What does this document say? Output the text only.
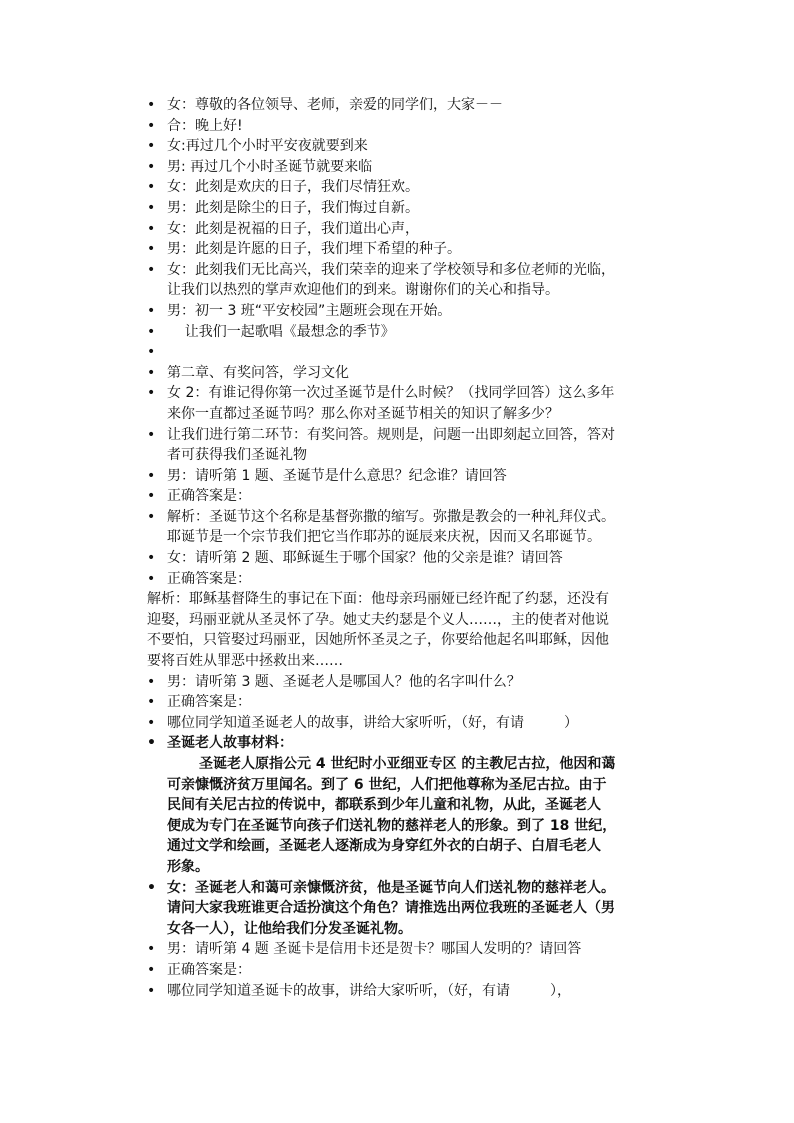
• 女：尊敬的各位领导、老师，亲爱的同学们，大家－－
• 合：晚上好!
• 女:再过几个小时平安夜就要到来
• 男: 再过几个小时圣诞节就要来临
• 女：此刻是欢庆的日子，我们尽情狂欢。
• 男：此刻是除尘的日子，我们悔过自新。
• 女：此刻是祝福的日子，我们道出心声，
• 男：此刻是许愿的日子，我们埋下希望的种子。
• 女：此刻我们无比高兴，我们荣幸的迎来了学校领导和多位老师的光临，
让我们以热烈的掌声欢迎他们的到来。谢谢你们的关心和指导。
• 男：初一 3 班“平安校园”主题班会现在开始。
• 让我们一起歌唱《最想念的季节》
•

• 第二章、有奖问答，学习文化
• 女 2：有谁记得你第一次过圣诞节是什么时候？（找同学回答）这么多年
来你一直都过圣诞节吗？那么你对圣诞节相关的知识了解多少？
• 让我们进行第二环节：有奖问答。规则是，问题一出即刻起立回答，答对
者可获得我们圣诞礼物
• 男：请听第 1 题、圣诞节是什么意思？纪念谁？请回答
• 正确答案是：
• 解析：圣诞节这个名称是基督弥撒的缩写。弥撒是教会的一种礼拜仪式。
耶诞节是一个宗节我们把它当作耶苏的诞辰来庆祝，因而又名耶诞节。
• 女：请听第 2 题、耶稣诞生于哪个国家？他的父亲是谁？请回答
• 正确答案是：
解析：耶稣基督降生的事记在下面：他母亲玛丽娅已经许配了约瑟，还没有
迎娶，玛丽亚就从圣灵怀了孕。她丈夫约瑟是个义人……，主的使者对他说
不要怕，只管娶过玛丽亚，因她所怀圣灵之子，你要给他起名叫耶稣，因他
要将百姓从罪恶中拯救出来……
• 男：请听第 3 题、圣诞老人是哪国人？他的名字叫什么？
• 正确答案是：
• 哪位同学知道圣诞老人的故事，讲给大家听听，（好，有请         ）
• 圣诞老人故事材料：
圣诞老人原指公元 4 世纪时小亚细亚专区 的主教尼古拉，他因和蔼
可亲慷慨济贫万里闻名。到了 6 世纪，人们把他尊称为圣尼古拉。由于
民间有关尼古拉的传说中，都联系到少年儿童和礼物，从此，圣诞老人
便成为专门在圣诞节向孩子们送礼物的慈祥老人的形象。到了 18 世纪，
通过文学和绘画，圣诞老人逐渐成为身穿红外衣的白胡子、白眉毛老人
形象。
• 女：圣诞老人和蔼可亲慷慨济贫，他是圣诞节向人们送礼物的慈祥老人。
请问大家我班谁更合适扮演这个角色？请推选出两位我班的圣诞老人（男
女各一人），让他给我们分发圣诞礼物。
• 男：请听第 4 题 圣诞卡是信用卡还是贺卡？哪国人发明的？请回答
• 正确答案是：
• 哪位同学知道圣诞卡的故事，讲给大家听听，（好，有请         ），
